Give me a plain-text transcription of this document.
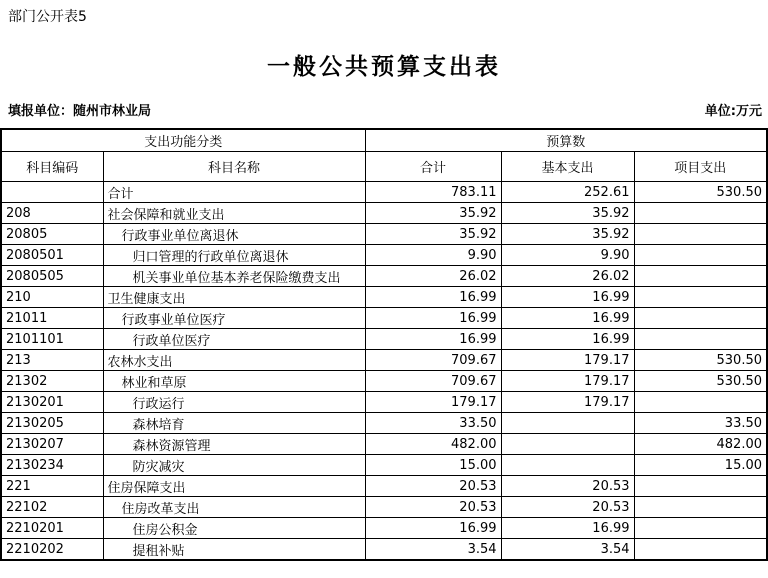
部门公开表5
一般公共预算支出表
填报单位：随州市林业局	单位:万元
支出功能分类		预算数		
科目编码	科目名称	合计	基本支出	项目支出
	合计	783.11	252.61	530.50
208	社会保障和就业支出	35.92	35.92	
20805	行政事业单位离退休	35.92	35.92	
2080501	归口管理的行政单位离退休	9.90	9.90	
2080505	机关事业单位基本养老保险缴费支出	26.02	26.02	
210	卫生健康支出	16.99	16.99	
21011	行政事业单位医疗	16.99	16.99	
2101101	行政单位医疗	16.99	16.99	
213	农林水支出	709.67	179.17	530.50
21302	林业和草原	709.67	179.17	530.50
2130201	行政运行	179.17	179.17	
2130205	森林培育	33.50		33.50
2130207	森林资源管理	482.00		482.00
2130234	防灾减灾	15.00		15.00
221	住房保障支出	20.53	20.53	
22102	住房改革支出	20.53	20.53	
2210201	住房公积金	16.99	16.99	
2210202	提租补贴	3.54	3.54	
